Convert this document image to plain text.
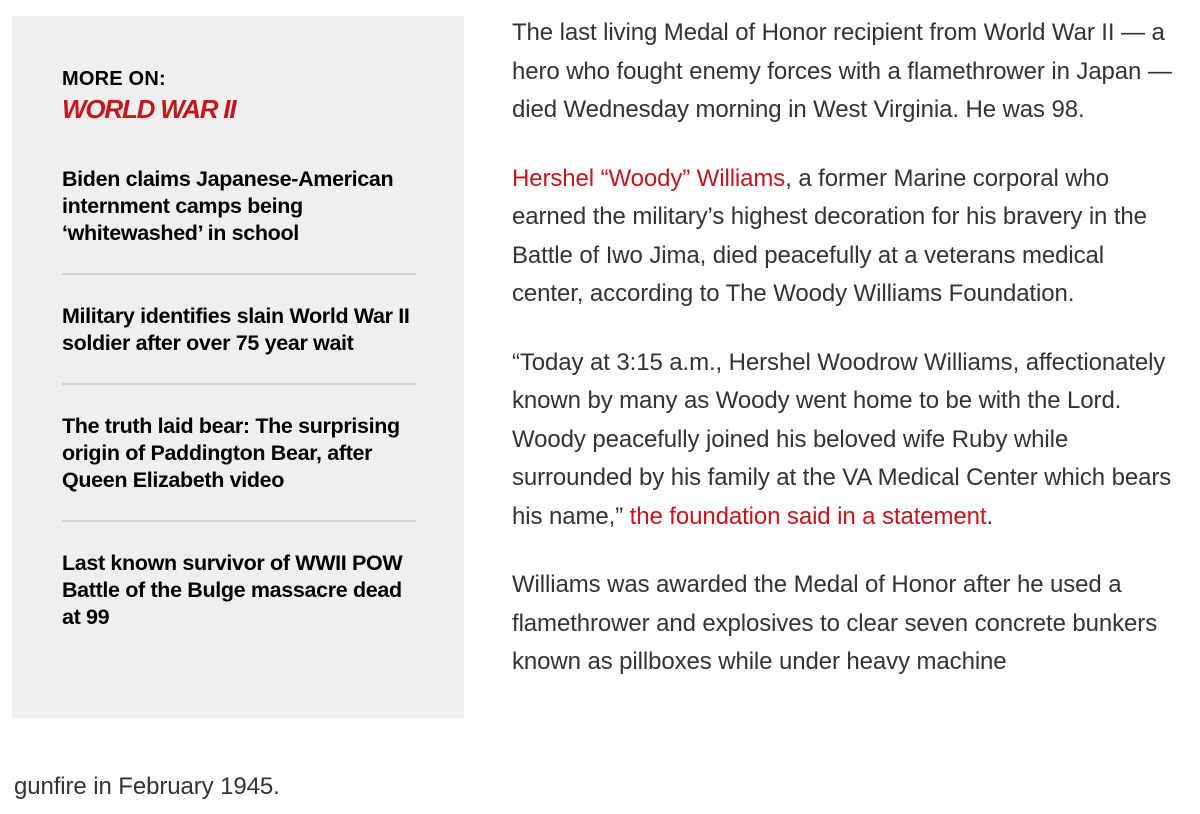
MORE ON:
WORLD WAR II
Biden claims Japanese-American internment camps being ‘whitewashed’ in school
Military identifies slain World War II soldier after over 75 year wait
The truth laid bear: The surprising origin of Paddington Bear, after Queen Elizabeth video
Last known survivor of WWII POW Battle of the Bulge massacre dead at 99

The last living Medal of Honor recipient from World War II — a hero who fought enemy forces with a flamethrower in Japan — died Wednesday morning in West Virginia. He was 98.

Hershel “Woody” Williams, a former Marine corporal who earned the military’s highest decoration for his bravery in the Battle of Iwo Jima, died peacefully at a veterans medical center, according to The Woody Williams Foundation.

“Today at 3:15 a.m., Hershel Woodrow Williams, affectionately known by many as Woody went home to be with the Lord. Woody peacefully joined his beloved wife Ruby while surrounded by his family at the VA Medical Center which bears his name,” the foundation said in a statement.

Williams was awarded the Medal of Honor after he used a flamethrower and explosives to clear seven concrete bunkers known as pillboxes while under heavy machine

gunfire in February 1945.
